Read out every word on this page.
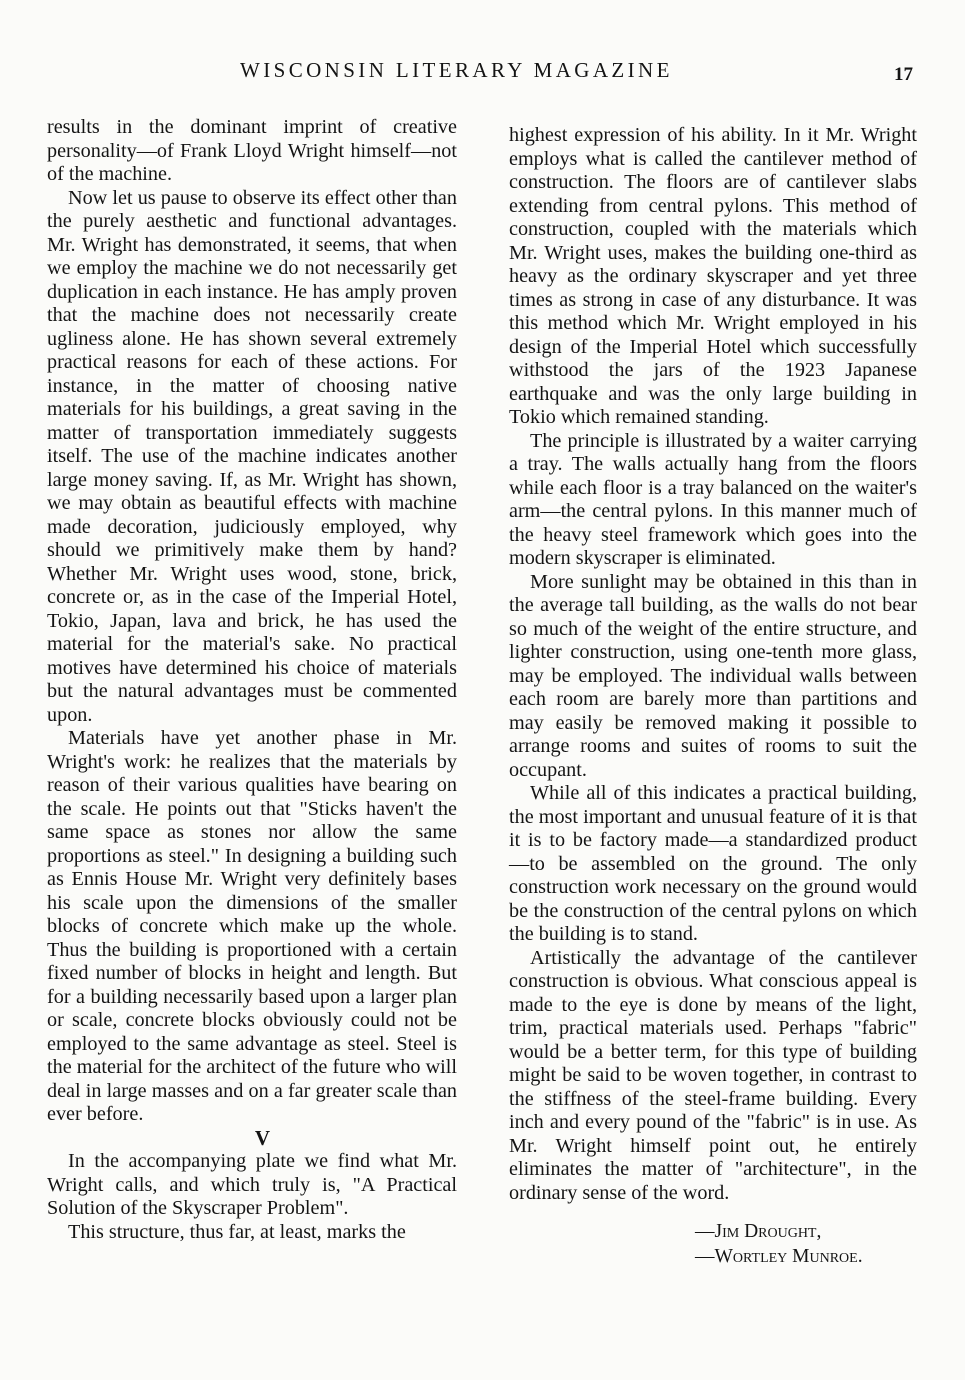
WISCONSIN LITERARY MAGAZINE	17

results in the dominant imprint of creative personality—of Frank Lloyd Wright himself—not of the machine.

Now let us pause to observe its effect other than the purely aesthetic and functional advantages. Mr. Wright has demonstrated, it seems, that when we employ the machine we do not necessarily get duplication in each instance. He has amply proven that the machine does not necessarily create ugliness alone. He has shown several extremely practical reasons for each of these actions. For instance, in the matter of choosing native materials for his buildings, a great saving in the matter of transportation immediately suggests itself. The use of the machine indicates another large money saving. If, as Mr. Wright has shown, we may obtain as beautiful effects with machine made decoration, judiciously employed, why should we primitively make them by hand? Whether Mr. Wright uses wood, stone, brick, concrete or, as in the case of the Imperial Hotel, Tokio, Japan, lava and brick, he has used the material for the material's sake. No practical motives have determined his choice of materials but the natural advantages must be commented upon.

Materials have yet another phase in Mr. Wright's work: he realizes that the materials by reason of their various qualities have bearing on the scale. He points out that "Sticks haven't the same space as stones nor allow the same proportions as steel." In designing a building such as Ennis House Mr. Wright very definitely bases his scale upon the dimensions of the smaller blocks of concrete which make up the whole. Thus the building is proportioned with a certain fixed number of blocks in height and length. But for a building necessarily based upon a larger plan or scale, concrete blocks obviously could not be employed to the same advantage as steel. Steel is the material for the architect of the future who will deal in large masses and on a far greater scale than ever before.

V

In the accompanying plate we find what Mr. Wright calls, and which truly is, "A Practical Solution of the Skyscraper Problem".

This structure, thus far, at least, marks the

highest expression of his ability. In it Mr. Wright employs what is called the cantilever method of construction. The floors are of cantilever slabs extending from central pylons. This method of construction, coupled with the materials which Mr. Wright uses, makes the building one-third as heavy as the ordinary skyscraper and yet three times as strong in case of any disturbance. It was this method which Mr. Wright employed in his design of the Imperial Hotel which successfully withstood the jars of the 1923 Japanese earthquake and was the only large building in Tokio which remained standing.

The principle is illustrated by a waiter carrying a tray. The walls actually hang from the floors while each floor is a tray balanced on the waiter's arm—the central pylons. In this manner much of the heavy steel framework which goes into the modern skyscraper is eliminated.

More sunlight may be obtained in this than in the average tall building, as the walls do not bear so much of the weight of the entire structure, and lighter construction, using one-tenth more glass, may be employed. The individual walls between each room are barely more than partitions and may easily be removed making it possible to arrange rooms and suites of rooms to suit the occupant.

While all of this indicates a practical building, the most important and unusual feature of it is that it is to be factory made—a standardized product—to be assembled on the ground. The only construction work necessary on the ground would be the construction of the central pylons on which the building is to stand.

Artistically the advantage of the cantilever construction is obvious. What conscious appeal is made to the eye is done by means of the light, trim, practical materials used. Perhaps "fabric" would be a better term, for this type of building might be said to be woven together, in contrast to the stiffness of the steel-frame building. Every inch and every pound of the "fabric" is in use. As Mr. Wright himself point out, he entirely eliminates the matter of "architecture", in the ordinary sense of the word.

—Jim Drought,
—Wortley Munroe.
